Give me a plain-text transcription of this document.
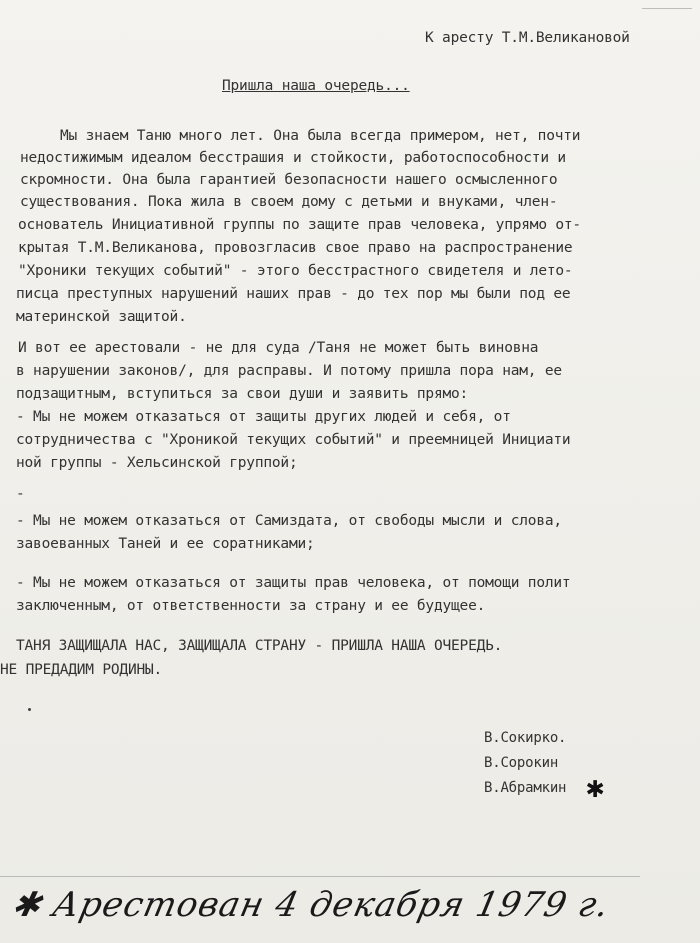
К аресту Т.М.Великановой
Пришла наша очередь...
Мы знаем Таню много лет. Она была всегда примером, нет, почти
недостижимым идеалом бесстрашия и стойкости, работоспособности и
скромности. Она была гарантией безопасности нашего осмысленного
существования. Пока жила в своем дому с детьми и внуками, член-
основатель Инициативной группы по защите прав человека, упрямо от-
крытая Т.М.Великанова, провозгласив свое право на распространение
"Хроники текущих событий" - этого бесстрастного свидетеля и лето-
писца преступных нарушений наших прав - до тех пор мы были под ее
материнской защитой.
И вот ее арестовали - не для суда /Таня не может быть виновна
в нарушении законов/, для расправы. И потому пришла пора нам, ее
подзащитным, вступиться за свои души и заявить прямо:
- Мы не можем отказаться от защиты других людей и себя, от
сотрудничества с "Хроникой текущих событий" и преемницей Инициати
ной группы - Хельсинской группой;
-
- Мы не можем отказаться от Самиздата, от свободы мысли и слова,
завоеванных Таней и ее соратниками;
- Мы не можем отказаться от защиты прав человека, от помощи полит
заключенным, от ответственности за страну и ее будущее.
ТАНЯ ЗАЩИЩАЛА НАС, ЗАЩИЩАЛА СТРАНУ - ПРИШЛА НАША ОЧЕРЕДЬ.
НЕ ПРЕДАДИМ РОДИНЫ.
В.Сокирко.
В.Сорокин
В.Абрамкин ✱
✱ Арестован 4 декабря 1979 г.
